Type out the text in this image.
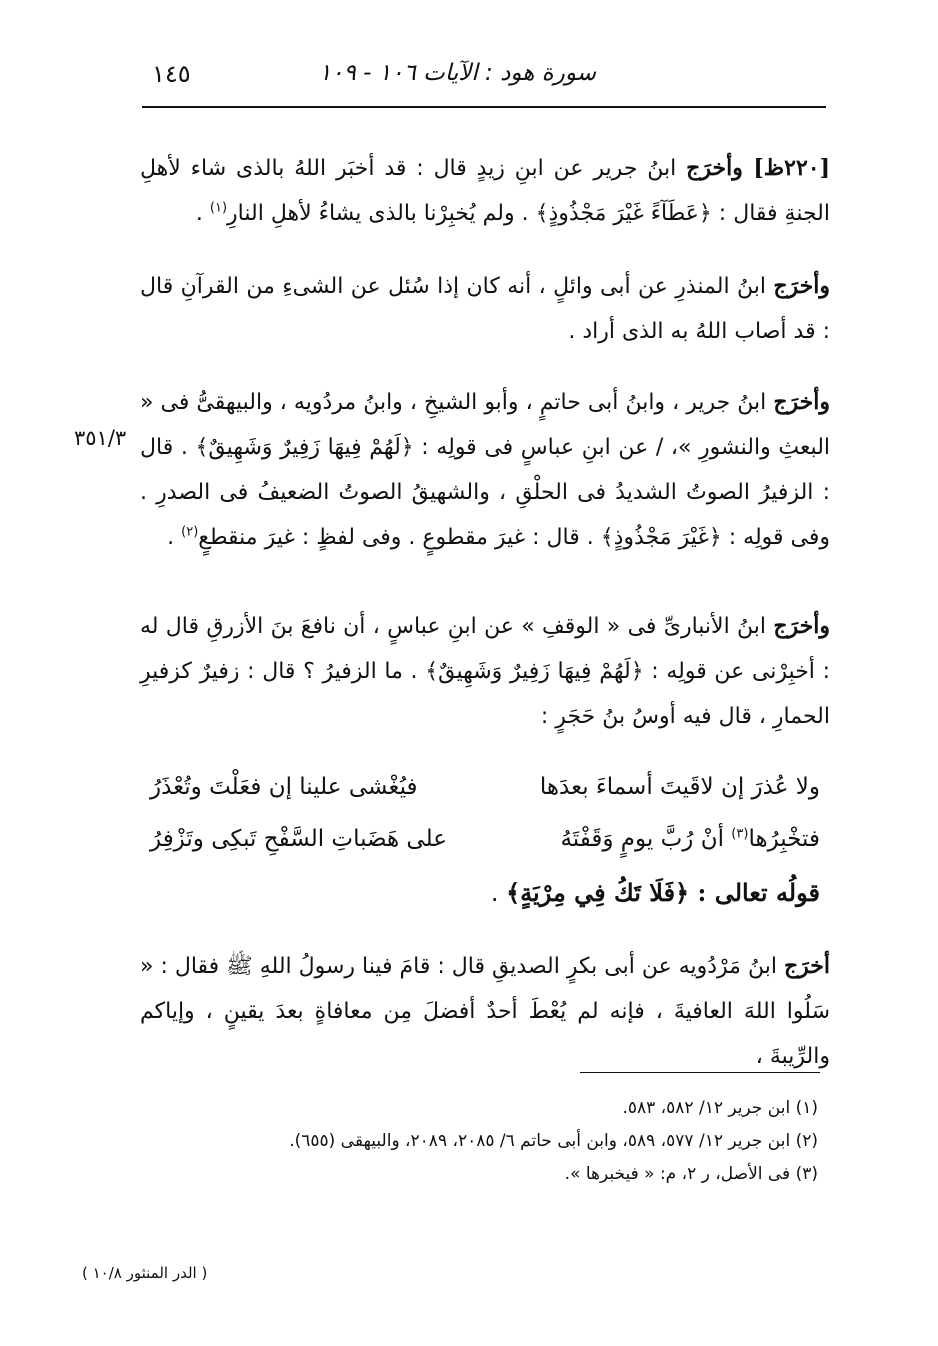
سورة هود : الآيات ١٠٦ - ١٠٩
١٤٥
[٢٢٠ظ] وأخرَج ابنُ جرير عن ابنِ زيدٍ قال : قد أخبَر اللهُ بالذى شاء لأهلِ الجنةِ فقال : ﴿عَطَآءً غَيْرَ مَجْذُوذٍ﴾ . ولم يُخبِرْنا بالذى يشاءُ لأهلِ النارِ$^{(١)}$ .
وأخرَج ابنُ المنذرِ عن أبى وائلٍ ، أنه كان إذا سُئل عن الشىءِ من القرآنِ قال : قد أصاب اللهُ به الذى أراد .
وأخرَج ابنُ جرير ، وابنُ أبى حاتمٍ ، وأبو الشيخِ ، وابنُ مردُويه ، والبيهقىُّ فى « البعثِ والنشورِ »، / عن ابنِ عباسٍ فى قولِه : ﴿لَهُمْ فِيهَا زَفِيرٌ وَشَهِيقٌ﴾ . قال : الزفيرُ الصوتُ الشديدُ فى الحلْقِ ، والشهيقُ الصوتُ الضعيفُ فى الصدرِ . وفى قولِه : ﴿غَيْرَ مَجْذُوذٍ﴾ . قال : غيرَ مقطوعٍ . وفى لفظٍ : غيرَ منقطعٍ$^{(٢)}$ .
٣٥١/٣
وأخرَج ابنُ الأنبارىِّ فى « الوقفِ » عن ابنِ عباسٍ ، أن نافعَ بنَ الأزرقِ قال له : أخبِرْنى عن قولِه : ﴿لَهُمْ فِيهَا زَفِيرٌ وَشَهِيقٌ﴾ . ما الزفيرُ ؟ قال : زفيرٌ كزفيرِ الحمارِ ، قال فيه أوسُ بنُ حَجَرٍ :
ولا عُذرَ إن لاقَيتَ أسماءَ بعدَها
فيُغْشى علينا إن فعَلْتَ وتُعْذَرُ
فتخْبِرُها$^{(٣)}$ أنْ رُبَّ يومٍ وَقَفْتَهُ
على هَضَباتِ السَّفْحِ تَبكِى وتَزْفِرُ
قولُه تعالى : ﴿فَلَا تَكُ فِي مِرْيَةٍ﴾ .
أخرَج ابنُ مَرْدُويه عن أبى بكرٍ الصديقِ قال : قامَ فينا رسولُ اللهِ ﷺ فقال : « سَلُوا اللهَ العافيةَ ، فإنه لم يُعْطَ أحدٌ أفضلَ مِن معافاةٍ بعدَ يقينٍ ، وإياكم والرِّيبةَ ،
(١) ابن جرير ١٢/ ٥٨٢، ٥٨٣.
(٢) ابن جرير ١٢/ ٥٧٧، ٥٨٩، وابن أبى حاتم ٦/ ٢٠٨٥، ٢٠٨٩، والبيهقى (٦٥٥).
(٣) فى الأصل، ر ٢، م: « فيخبرها ».
( الدر المنثور ١٠/٨ )
